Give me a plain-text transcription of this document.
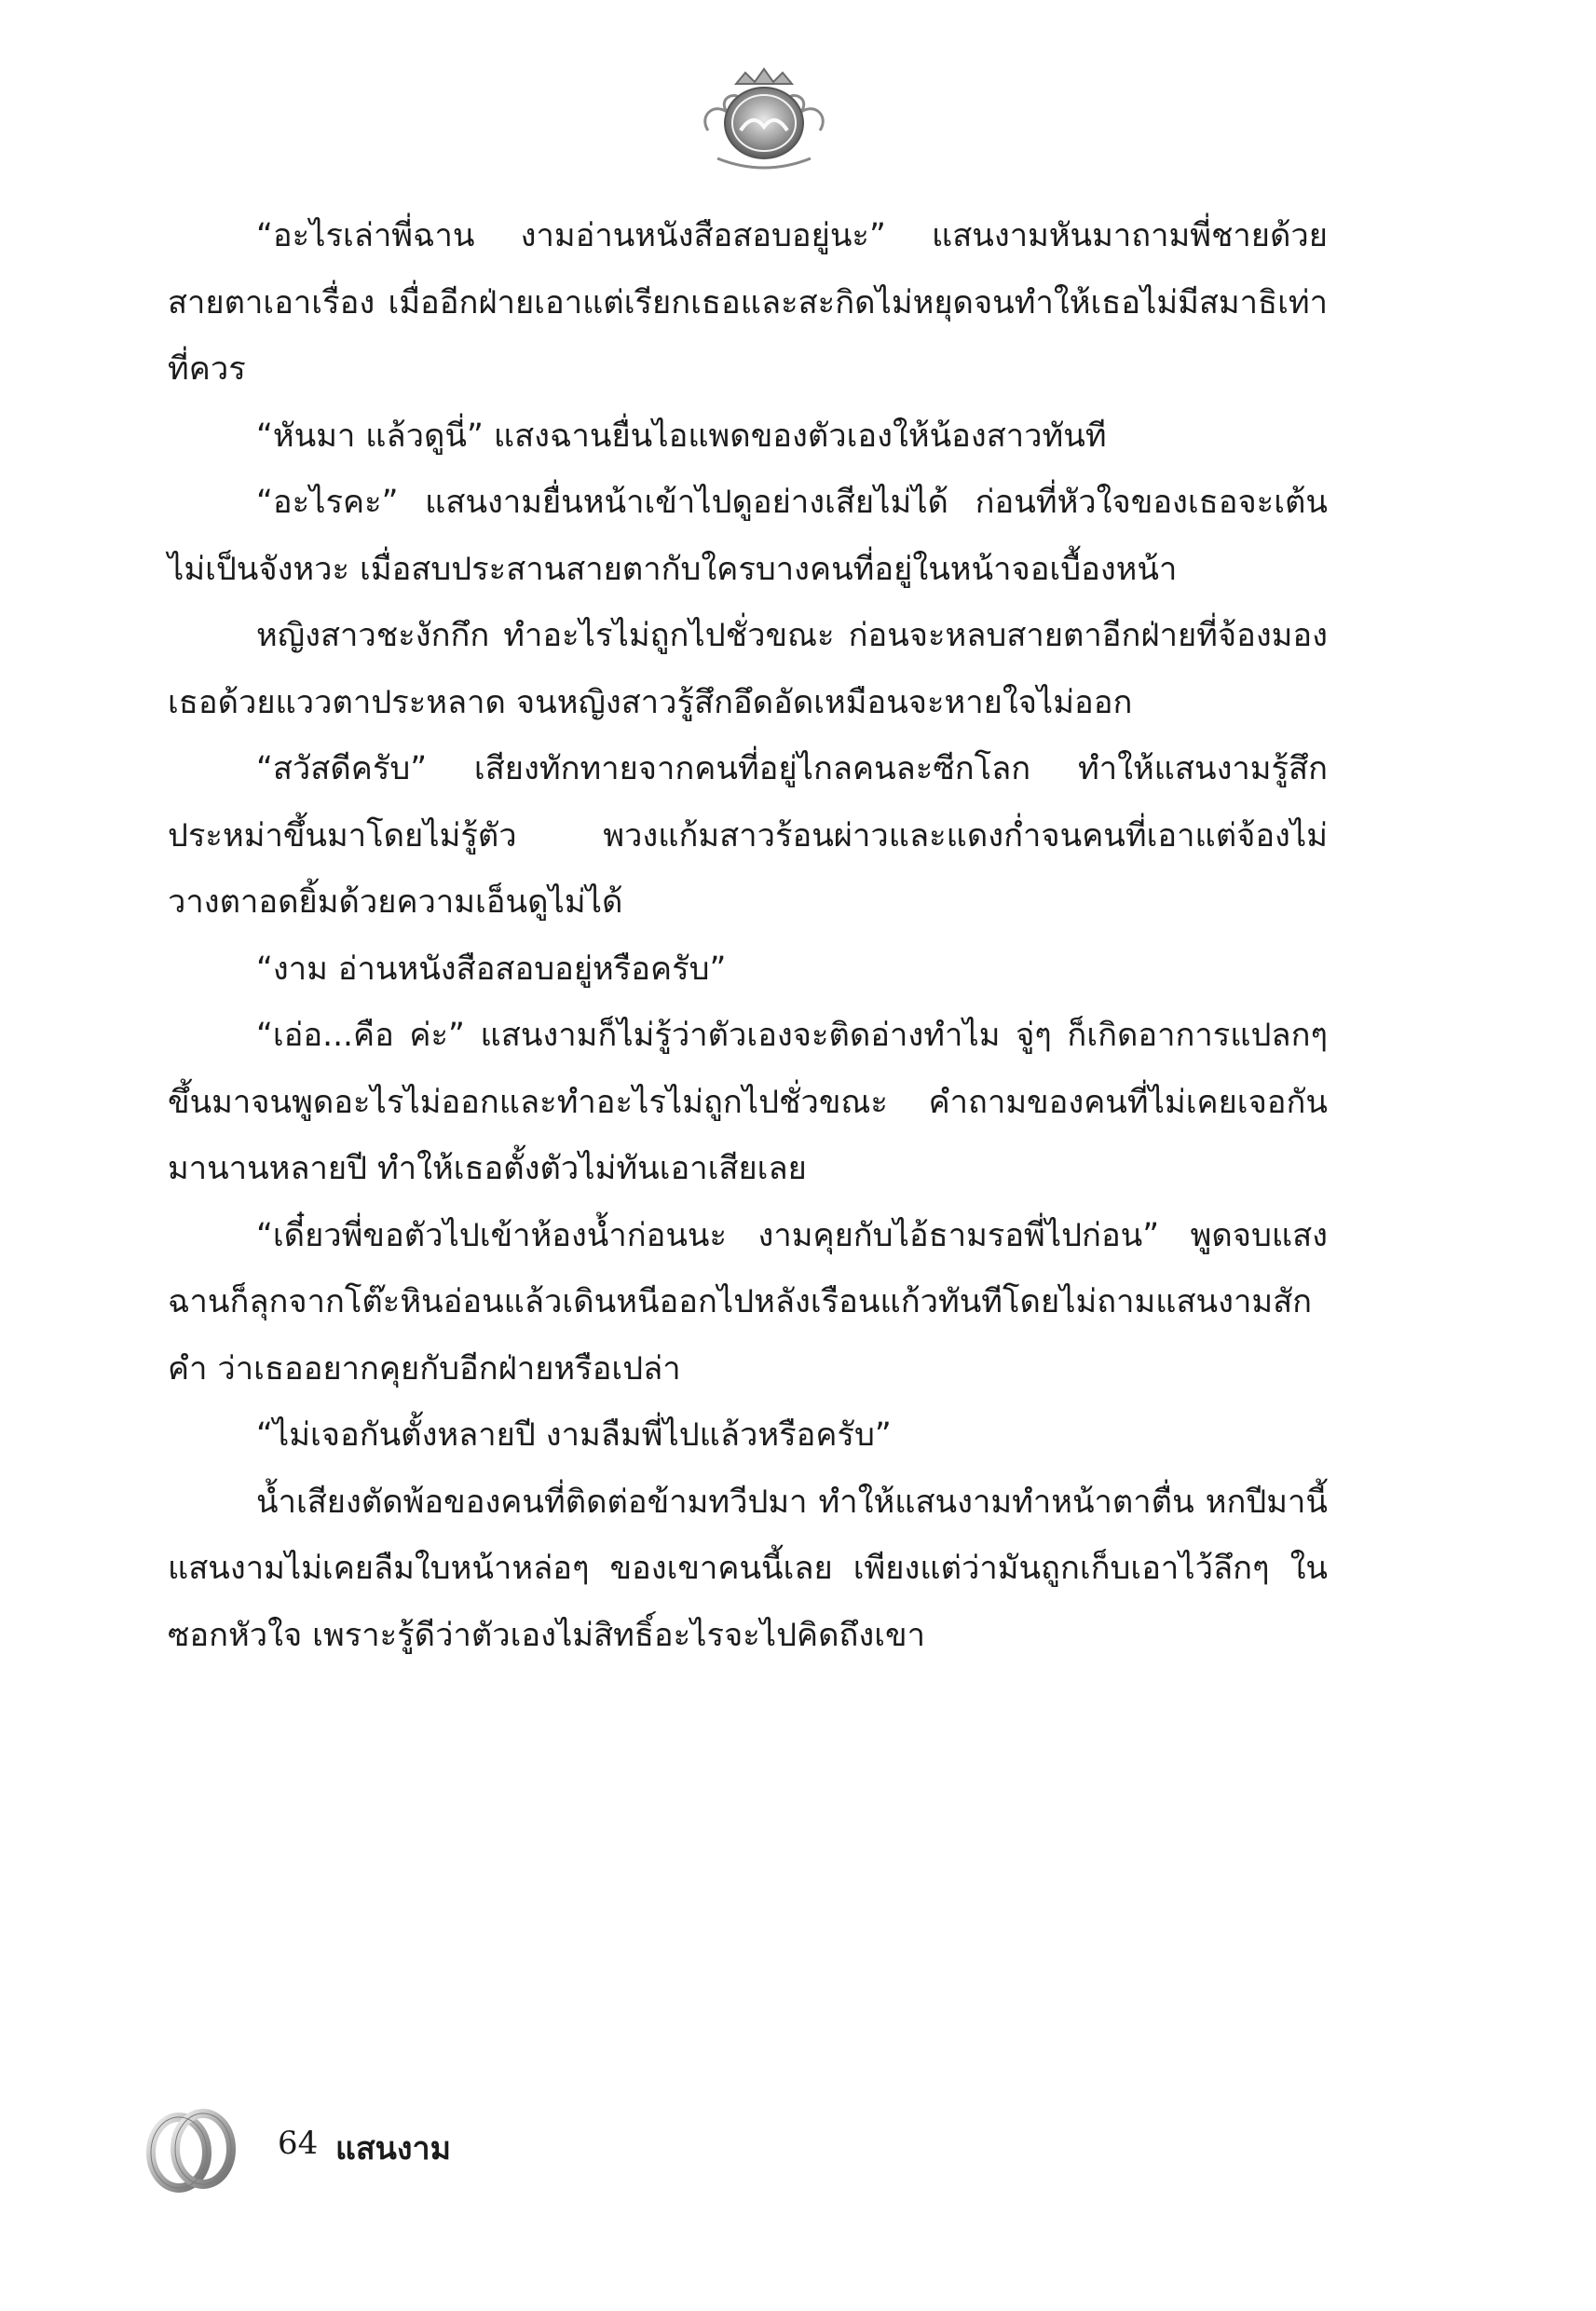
“อะไรเล่าพี่ฉาน งามอ่านหนังสือสอบอยู่นะ” แสนงามหันมาถามพี่ชายด้วยสายตาเอาเรื่อง เมื่ออีกฝ่ายเอาแต่เรียกเธอและสะกิดไม่หยุดจนทำให้เธอไม่มีสมาธิเท่าที่ควร

“หันมา แล้วดูนี่” แสงฉานยื่นไอแพดของตัวเองให้น้องสาวทันที

“อะไรคะ” แสนงามยื่นหน้าเข้าไปดูอย่างเสียไม่ได้ ก่อนที่หัวใจของเธอจะเต้นไม่เป็นจังหวะ เมื่อสบประสานสายตากับใครบางคนที่อยู่ในหน้าจอเบื้องหน้า

หญิงสาวชะงักกึก ทำอะไรไม่ถูกไปชั่วขณะ ก่อนจะหลบสายตาอีกฝ่ายที่จ้องมองเธอด้วยแววตาประหลาด จนหญิงสาวรู้สึกอึดอัดเหมือนจะหายใจไม่ออก

“สวัสดีครับ” เสียงทักทายจากคนที่อยู่ไกลคนละซีกโลก ทำให้แสนงามรู้สึกประหม่าขึ้นมาโดยไม่รู้ตัว พวงแก้มสาวร้อนผ่าวและแดงก่ำจนคนที่เอาแต่จ้องไม่วางตาอดยิ้มด้วยความเอ็นดูไม่ได้

“งาม อ่านหนังสือสอบอยู่หรือครับ”

“เอ่อ...คือ ค่ะ” แสนงามก็ไม่รู้ว่าตัวเองจะติดอ่างทำไม จู่ๆ ก็เกิดอาการแปลกๆ ขึ้นมาจนพูดอะไรไม่ออกและทำอะไรไม่ถูกไปชั่วขณะ คำถามของคนที่ไม่เคยเจอกันมานานหลายปี ทำให้เธอตั้งตัวไม่ทันเอาเสียเลย

“เดี๋ยวพี่ขอตัวไปเข้าห้องน้ำก่อนนะ งามคุยกับไอ้ธามรอพี่ไปก่อน” พูดจบแสงฉานก็ลุกจากโต๊ะหินอ่อนแล้วเดินหนีออกไปหลังเรือนแก้วทันทีโดยไม่ถามแสนงามสักคำ ว่าเธออยากคุยกับอีกฝ่ายหรือเปล่า

“ไม่เจอกันตั้งหลายปี งามลืมพี่ไปแล้วหรือครับ”

น้ำเสียงตัดพ้อของคนที่ติดต่อข้ามทวีปมา ทำให้แสนงามทำหน้าตาตื่น หกปีมานี้แสนงามไม่เคยลืมใบหน้าหล่อๆ ของเขาคนนี้เลย เพียงแต่ว่ามันถูกเก็บเอาไว้ลึกๆ ในซอกหัวใจ เพราะรู้ดีว่าตัวเองไม่สิทธิ์อะไรจะไปคิดถึงเขา

64 แสนงาม
